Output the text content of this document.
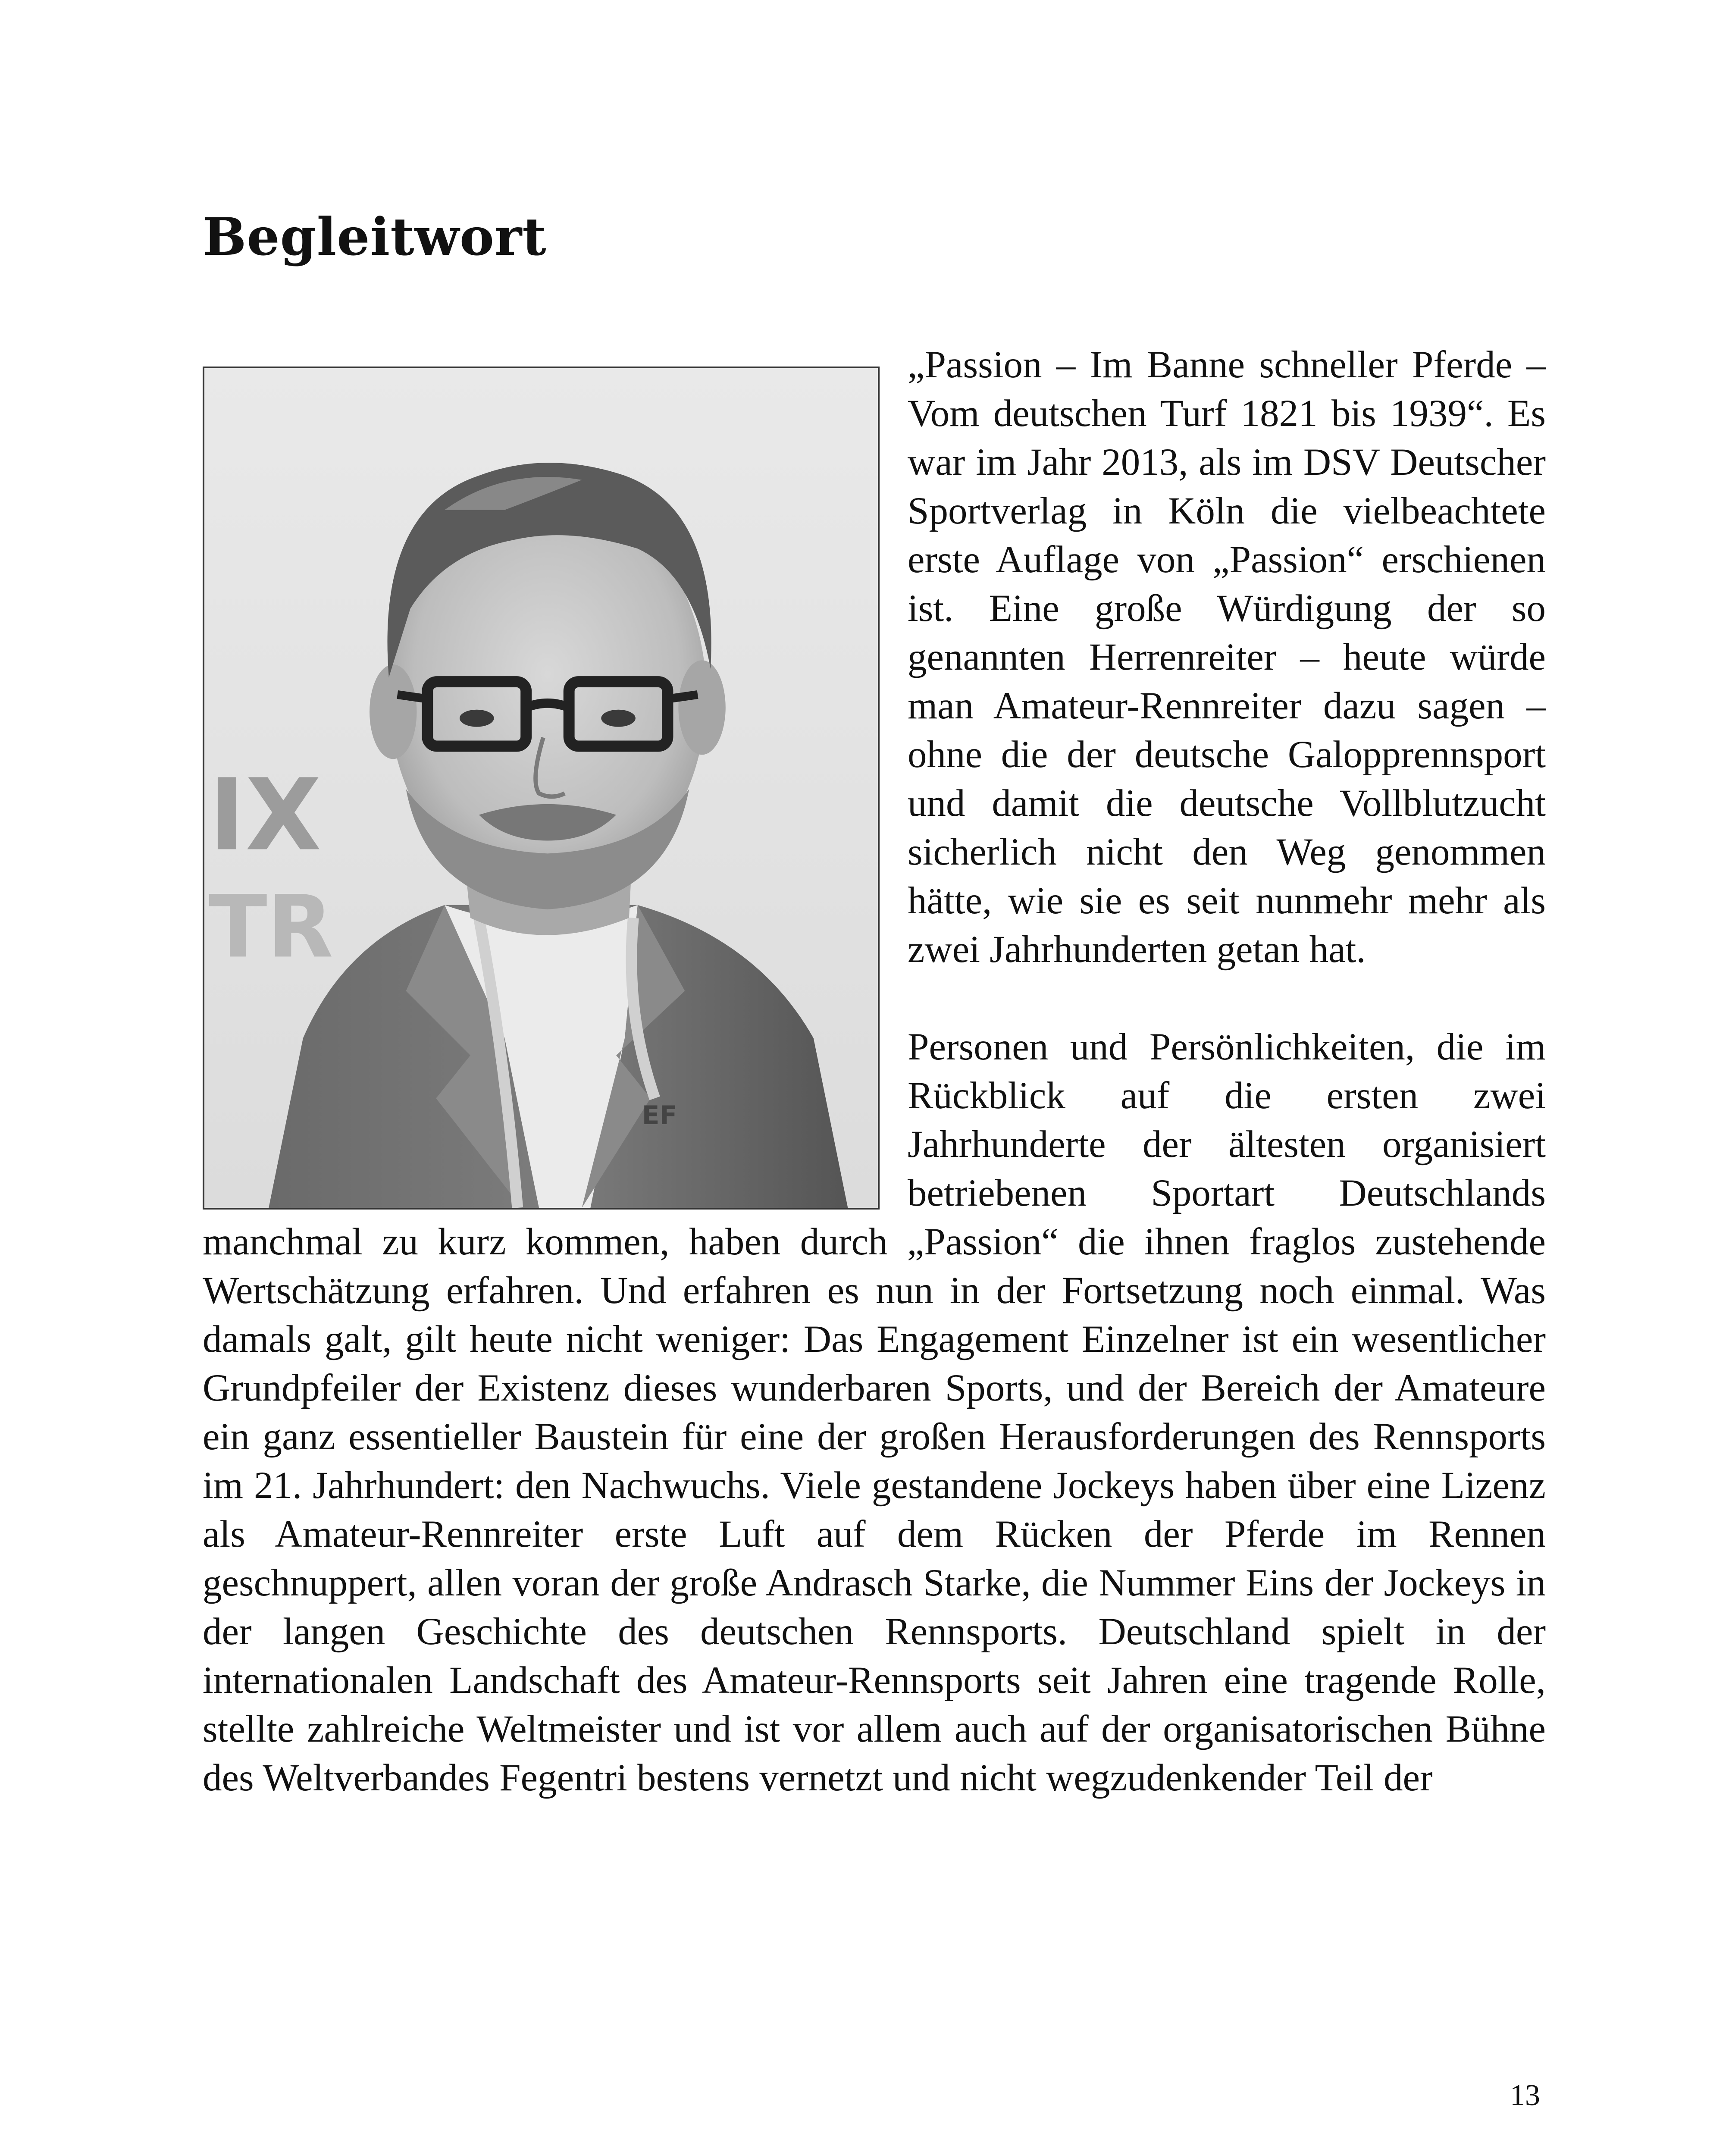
Begleitwort
IX
TR
EF

„Passion – Im Banne schneller Pferde – Vom deutschen Turf 1821 bis 1939“. Es war im Jahr 2013, als im DSV Deutscher Sportverlag in Köln die vielbeachtete erste Auflage von „Passion“ erschienen ist. Eine große Würdigung der so genannten Herrenreiter – heute würde man Amateur-Rennreiter dazu sagen – ohne die der deutsche Galopprennsport und damit die deutsche Vollblutzucht sicherlich nicht den Weg genommen hätte, wie sie es seit nunmehr mehr als zwei Jahrhunderten getan hat.

Personen und Persönlichkeiten, die im Rückblick auf die ersten zwei Jahrhunderte der ältesten organisiert betriebenen Sportart Deutschlands manchmal zu kurz kommen, haben durch „Passion“ die ihnen fraglos zustehende Wertschätzung erfahren. Und erfahren es nun in der Fortsetzung noch einmal. Was damals galt, gilt heute nicht weniger: Das Engagement Einzelner ist ein wesentlicher Grundpfeiler der Existenz dieses wunderbaren Sports, und der Bereich der Amateure ein ganz essentieller Baustein für eine der großen Herausforderungen des Rennsports im 21. Jahrhundert: den Nachwuchs. Viele gestandene Jockeys haben über eine Lizenz als Amateur-Rennreiter erste Luft auf dem Rücken der Pferde im Rennen geschnuppert, allen voran der große Andrasch Starke, die Nummer Eins der Jockeys in der langen Geschichte des deutschen Rennsports. Deutschland spielt in der internationalen Landschaft des Amateur-Rennsports seit Jahren eine tragende Rolle, stellte zahlreiche Weltmeister und ist vor allem auch auf der organisatorischen Bühne des Weltverbandes Fegentri bestens vernetzt und nicht wegzudenkender Teil der

13
